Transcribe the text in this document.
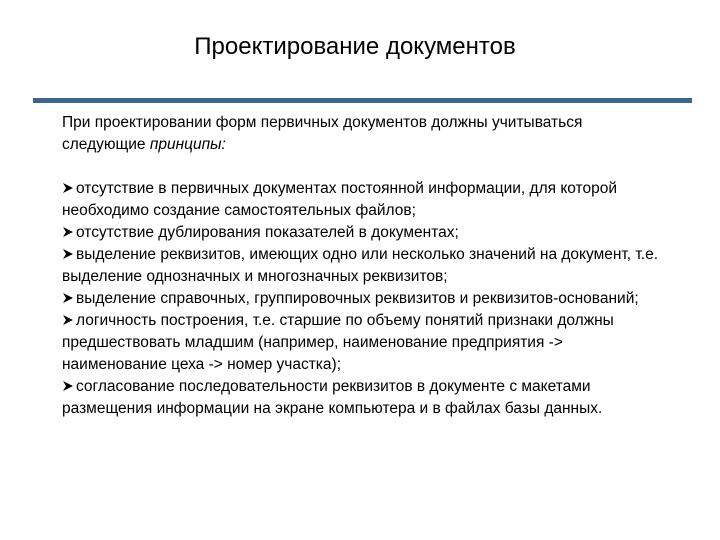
Проектирование документов

При проектировании форм первичных документов должны учитываться следующие принципы:

отсутствие в первичных документах постоянной информации, для которой необходимо создание самостоятельных файлов;
отсутствие дублирования показателей в документах;
выделение реквизитов, имеющих одно или несколько значений на документ, т.е. выделение однозначных и многозначных реквизитов;
выделение справочных, группировочных реквизитов и реквизитов-оснований;
логичность построения, т.е. старшие по объему понятий признаки должны предшествовать младшим (например, наименование предприятия -> наименование цеха -> номер участка);
согласование последовательности реквизитов в документе с макетами размещения информации на экране компьютера и в файлах базы данных.
